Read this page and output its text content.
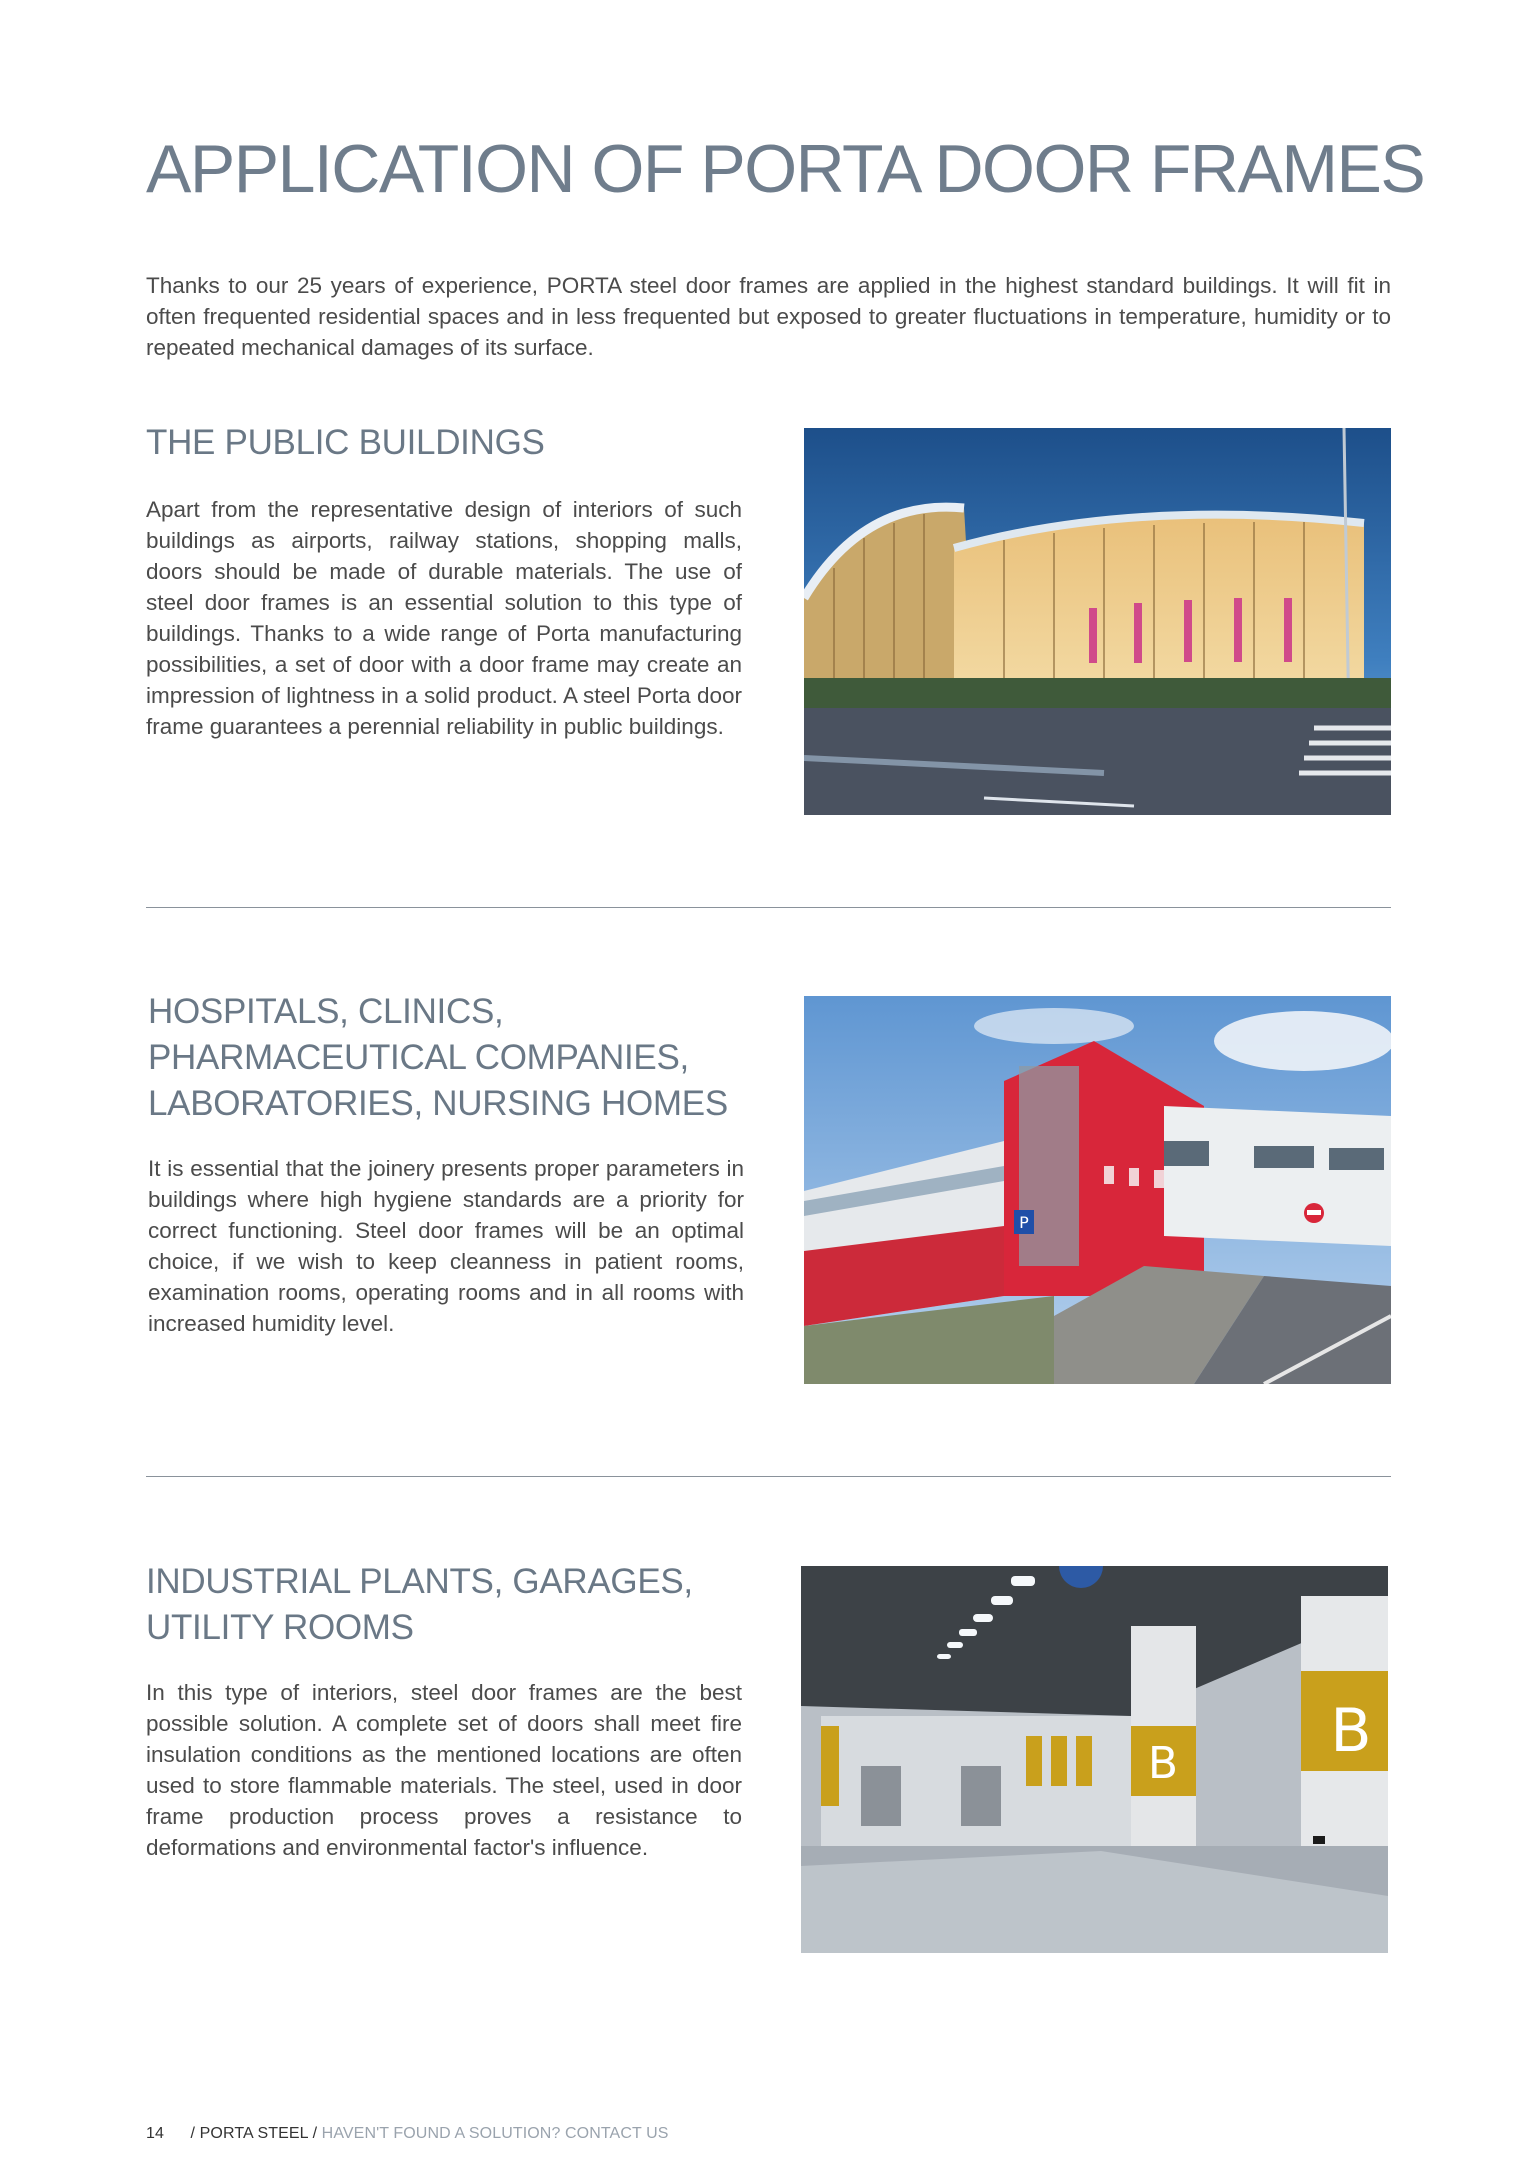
APPLICATION OF PORTA DOOR FRAMES

Thanks to our 25 years of experience, PORTA steel door frames are applied in the highest standard buildings. It will fit in often frequented residential spaces and in less frequented but exposed to greater fluctuations in temperature, humidity or to repeated mechanical damages of its surface.

THE PUBLIC BUILDINGS

Apart from the representative design of interiors of such buildings as airports, railway stations, shopping malls, doors should be made of durable materials. The use of steel door frames is an essential solution to this type of buildings. Thanks to a wide range of Porta manufacturing possibilities, a set of door with a door frame may create an impression of lightness in a solid product. A steel Porta door frame guarantees a perennial reliability in public buildings.

HOSPITALS, CLINICS,
PHARMACEUTICAL COMPANIES,
LABORATORIES, NURSING HOMES

It is essential that the joinery presents proper parameters in buildings where high hygiene standards are a priority for correct functioning. Steel door frames will be an optimal choice, if we wish to keep cleanness in patient rooms, examination rooms, operating rooms and in all rooms with increased humidity level.

P
INDUSTRIAL PLANTS, GARAGES,
UTILITY ROOMS

In this type of interiors, steel door frames are the best possible solution. A complete set of doors shall meet fire insulation conditions as the mentioned locations are often used to store flammable materials. The steel, used in door frame production process proves a resistance to deformations and environmental factor's influence.

B	B
14 / PORTA STEEL / HAVEN'T FOUND A SOLUTION? CONTACT US
